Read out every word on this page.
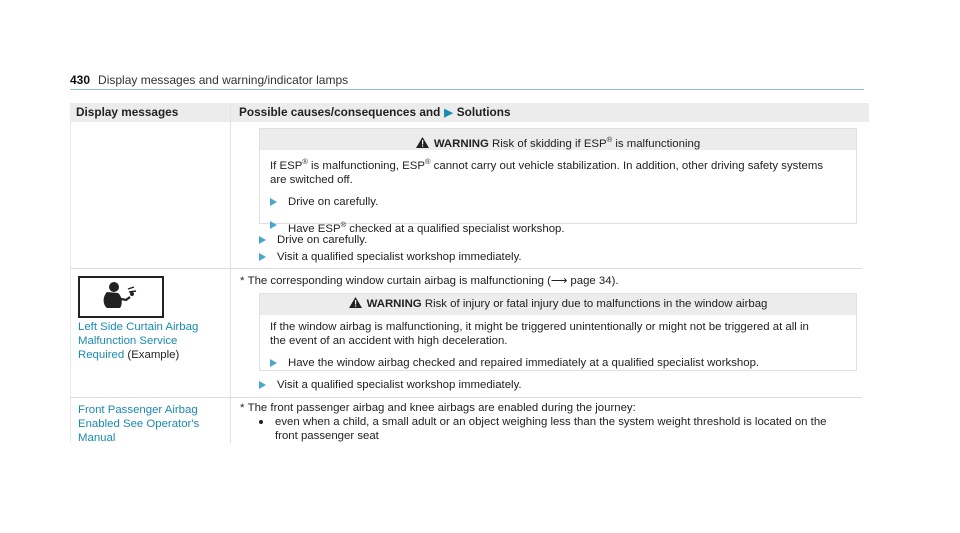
430 Display messages and warning/indicator lamps
Display messages	Possible causes/consequences and ▶ Solutions
WARNING Risk of skidding if ESP® is malfunctioning

If ESP® is malfunctioning, ESP® cannot carry out vehicle stabilization. In addition, other driving safety systems
are switched off.

Drive on carefully.
Have ESP® checked at a qualified specialist workshop.
Drive on carefully.
Visit a qualified specialist workshop immediately.
Left Side Curtain Airbag
Malfunction Service
Required (Example)
* The corresponding window curtain airbag is malfunctioning (⟶ page 34).
WARNING Risk of injury or fatal injury due to malfunctions in the window airbag

If the window airbag is malfunctioning, it might be triggered unintentionally or might not be triggered at all in
the event of an accident with high deceleration.

Have the window airbag checked and repaired immediately at a qualified specialist workshop.
Visit a qualified specialist workshop immediately.
Front Passenger Airbag
Enabled See Operator's
Manual
* The front passenger airbag and knee airbags are enabled during the journey:
even when a child, a small adult or an object weighing less than the system weight threshold is located on the
front passenger seat
